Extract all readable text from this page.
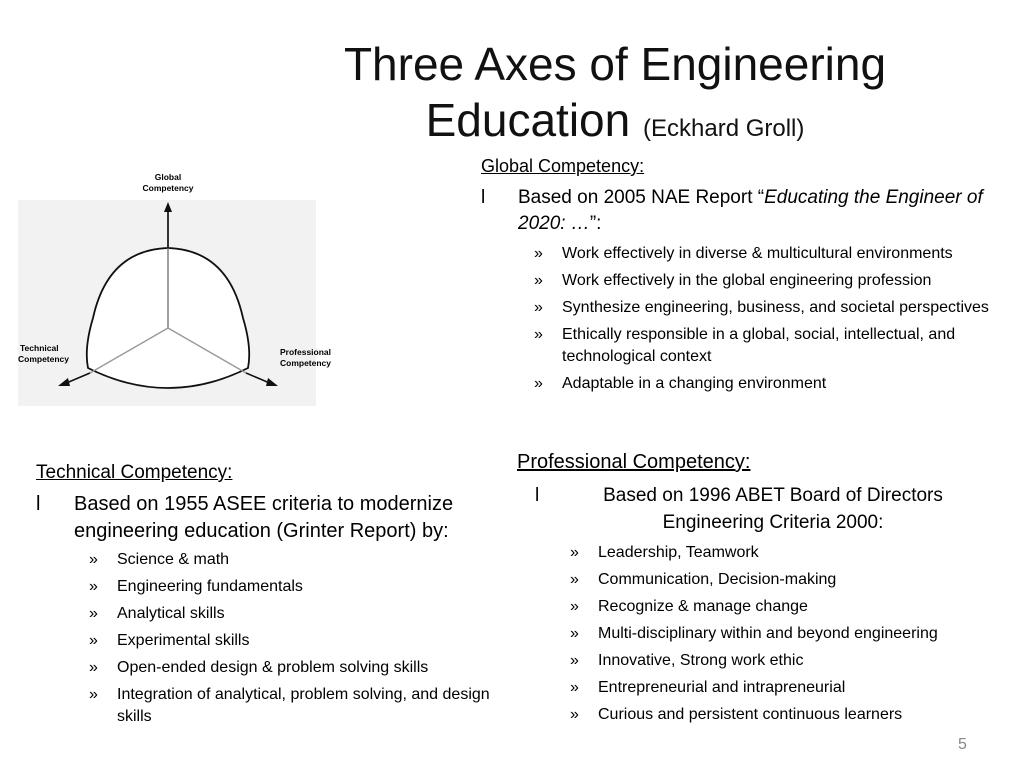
Three Axes of Engineering
Education (Eckhard Groll)
Global
Competency
Technical
Competency
Professional
Competency
Global Competency:
l	Based on 2005 NAE Report “Educating the Engineer of 2020: …”:
»	Work effectively in diverse & multicultural environments
»	Work effectively in the global engineering profession
»	Synthesize engineering, business, and societal perspectives
»	Ethically responsible in a global, social, intellectual, and technological context
»	Adaptable in a changing environment
Technical Competency:
l	Based on 1955 ASEE criteria to modernize engineering education (Grinter Report) by:
»	Science & math
»	Engineering fundamentals
»	Analytical skills
»	Experimental skills
»	Open-ended design & problem solving skills
»	Integration of analytical, problem solving, and design skills
Professional Competency:
l	Based on 1996 ABET Board of Directors Engineering Criteria 2000:
»	Leadership, Teamwork
»	Communication, Decision-making
»	Recognize & manage change
»	Multi-disciplinary within and beyond engineering
»	Innovative, Strong work ethic
»	Entrepreneurial and intrapreneurial
»	Curious and persistent continuous learners
5
